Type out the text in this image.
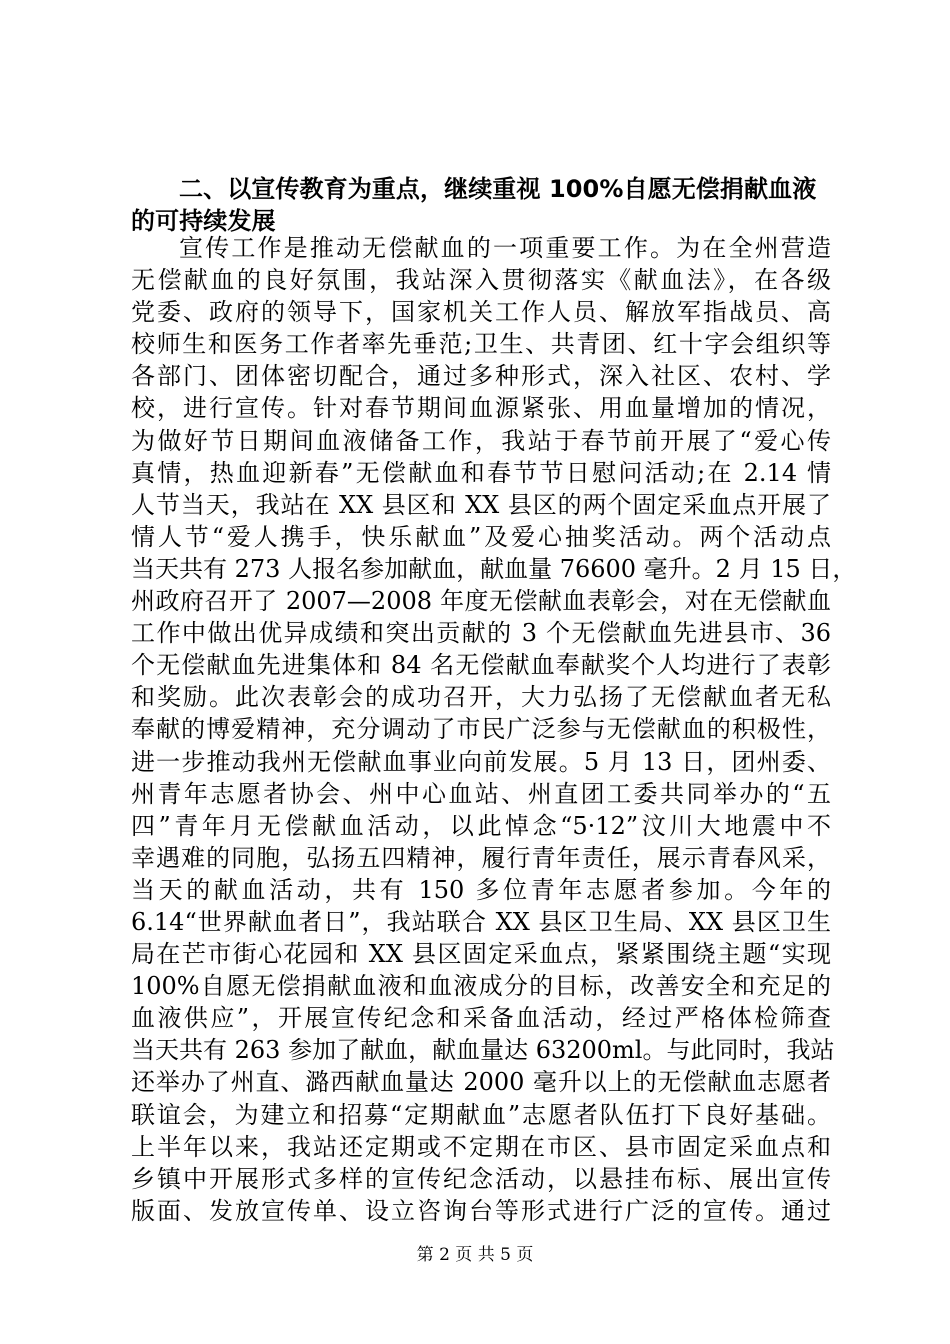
二、以宣传教育为重点，继续重视 100%自愿无偿捐献血液
的可持续发展
宣传工作是推动无偿献血的一项重要工作。为在全州营造
无偿献血的良好氛围，我站深入贯彻落实《献血法》，在各级
党委、政府的领导下，国家机关工作人员、解放军指战员、高
校师生和医务工作者率先垂范;卫生、共青团、红十字会组织等
各部门、团体密切配合，通过多种形式，深入社区、农村、学
校，进行宣传。针对春节期间血源紧张、用血量增加的情况，
为做好节日期间血液储备工作，我站于春节前开展了“爱心传
真情，热血迎新春”无偿献血和春节节日慰问活动;在 2.14 情
人节当天，我站在 XX 县区和 XX 县区的两个固定采血点开展了
情人节“爱人携手，快乐献血”及爱心抽奖活动。两个活动点
当天共有 273 人报名参加献血，献血量 76600 毫升。2 月 15 日，
州政府召开了 2007—2008 年度无偿献血表彰会，对在无偿献血
工作中做出优异成绩和突出贡献的 3 个无偿献血先进县市、36
个无偿献血先进集体和 84 名无偿献血奉献奖个人均进行了表彰
和奖励。此次表彰会的成功召开，大力弘扬了无偿献血者无私
奉献的博爱精神，充分调动了市民广泛参与无偿献血的积极性，
进一步推动我州无偿献血事业向前发展。5 月 13 日，团州委、
州青年志愿者协会、州中心血站、州直团工委共同举办的“五
四”青年月无偿献血活动，以此悼念“5·12”汶川大地震中不
幸遇难的同胞，弘扬五四精神，履行青年责任，展示青春风采，
当天的献血活动，共有 150 多位青年志愿者参加。今年的
6.14“世界献血者日”，我站联合 XX 县区卫生局、XX 县区卫生
局在芒市街心花园和 XX 县区固定采血点，紧紧围绕主题“实现
100%自愿无偿捐献血液和血液成分的目标，改善安全和充足的
血液供应”，开展宣传纪念和采备血活动，经过严格体检筛查
当天共有 263 参加了献血，献血量达 63200ml。与此同时，我站
还举办了州直、潞西献血量达 2000 毫升以上的无偿献血志愿者
联谊会，为建立和招募“定期献血”志愿者队伍打下良好基础。
上半年以来，我站还定期或不定期在市区、县市固定采血点和
乡镇中开展形式多样的宣传纪念活动，以悬挂布标、展出宣传
版面、发放宣传单、设立咨询台等形式进行广泛的宣传。通过
第 2 页 共 5 页
